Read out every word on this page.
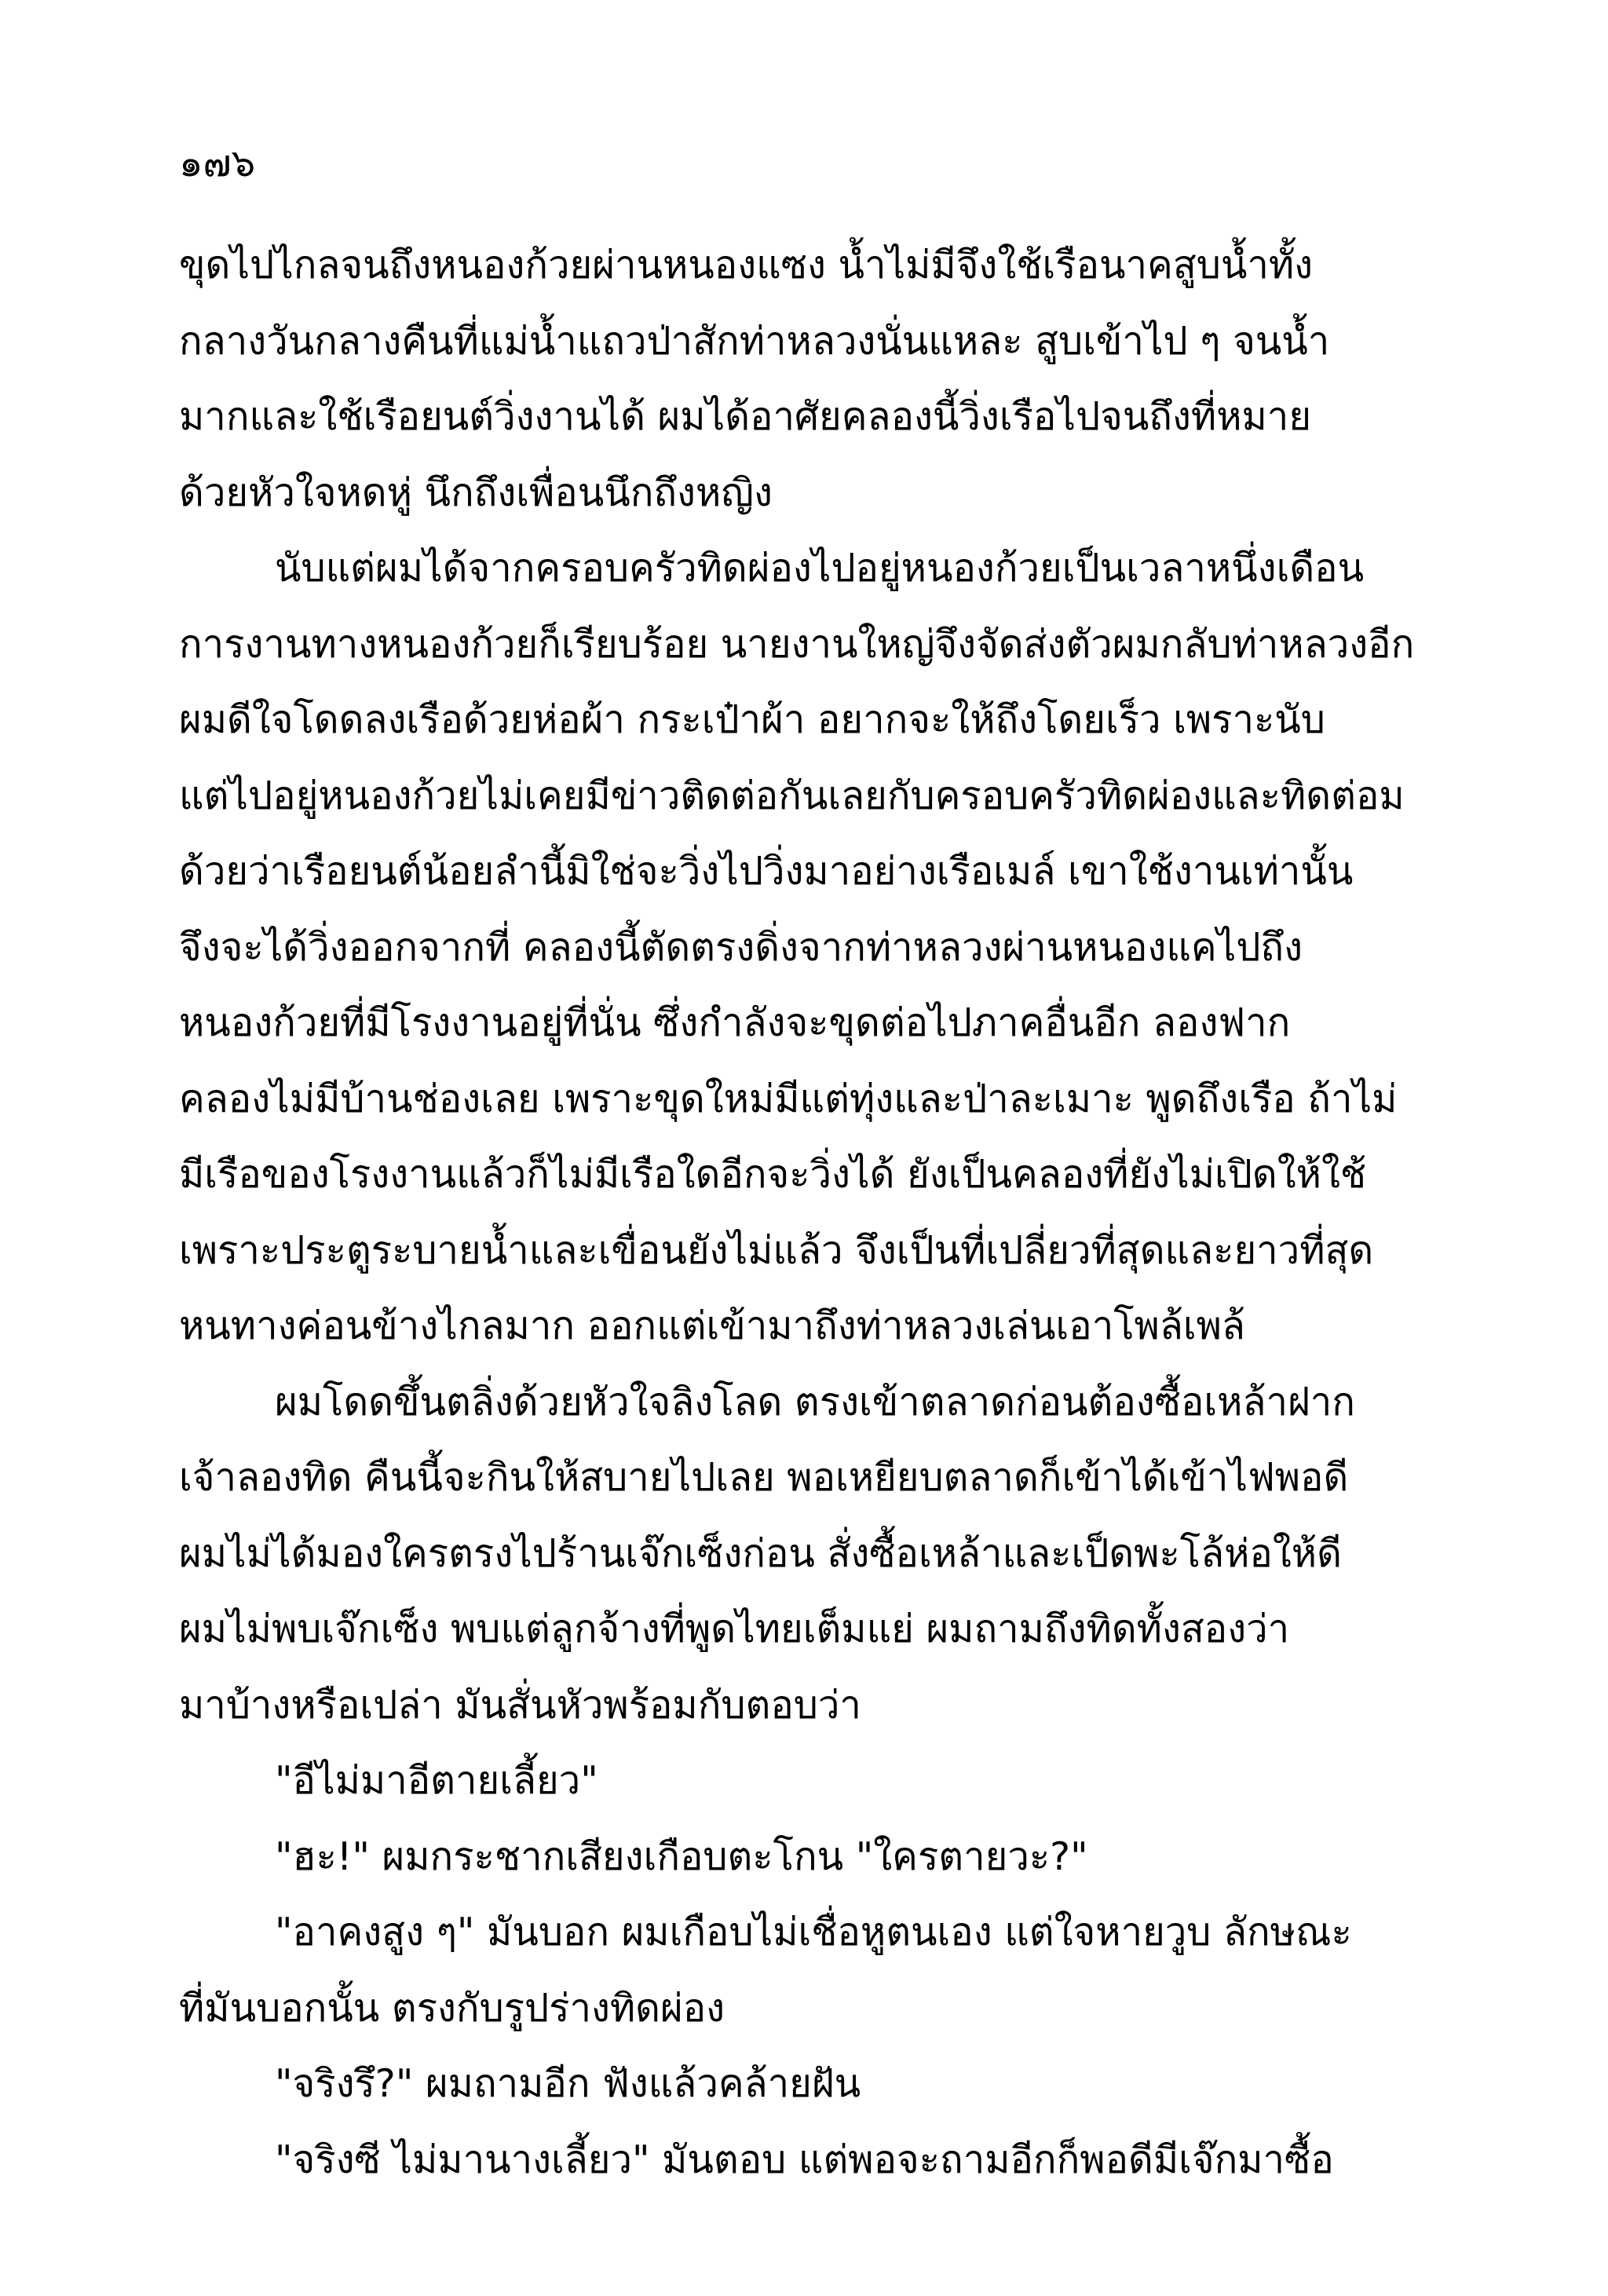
๑๗๖
ขุดไปไกลจนถึงหนองก้วยผ่านหนองแซง น้ำไม่มีจึงใช้เรือนาคสูบน้ำทั้ง
กลางวันกลางคืนที่แม่น้ำแถวป่าสักท่าหลวงนั่นแหละ สูบเข้าไป ๆ จนน้ำ
มากและใช้เรือยนต์วิ่งงานได้ ผมได้อาศัยคลองนี้วิ่งเรือไปจนถึงที่หมาย
ด้วยหัวใจหดหู่ นึกถึงเพื่อนนึกถึงหญิง
นับแต่ผมได้จากครอบครัวทิดผ่องไปอยู่หนองก้วยเป็นเวลาหนึ่งเดือน
การงานทางหนองก้วยก็เรียบร้อย นายงานใหญ่จึงจัดส่งตัวผมกลับท่าหลวงอีก
ผมดีใจโดดลงเรือด้วยห่อผ้า กระเป๋าผ้า อยากจะให้ถึงโดยเร็ว เพราะนับ
แต่ไปอยู่หนองก้วยไม่เคยมีข่าวติดต่อกันเลยกับครอบครัวทิดผ่องและทิดต่อม
ด้วยว่าเรือยนต์น้อยลำนี้มิใช่จะวิ่งไปวิ่งมาอย่างเรือเมล์ เขาใช้งานเท่านั้น
จึงจะได้วิ่งออกจากที่ คลองนี้ตัดตรงดิ่งจากท่าหลวงผ่านหนองแคไปถึง
หนองก้วยที่มีโรงงานอยู่ที่นั่น ซึ่งกำลังจะขุดต่อไปภาคอื่นอีก ลองฟาก
คลองไม่มีบ้านช่องเลย เพราะขุดใหม่มีแต่ทุ่งและป่าละเมาะ พูดถึงเรือ ถ้าไม่
มีเรือของโรงงานแล้วก็ไม่มีเรือใดอีกจะวิ่งได้ ยังเป็นคลองที่ยังไม่เปิดให้ใช้
เพราะประตูระบายน้ำและเขื่อนยังไม่แล้ว จึงเป็นที่เปลี่ยวที่สุดและยาวที่สุด
หนทางค่อนข้างไกลมาก ออกแต่เข้ามาถึงท่าหลวงเล่นเอาโพล้เพล้
ผมโดดขึ้นตลิ่งด้วยหัวใจลิงโลด ตรงเข้าตลาดก่อนต้องซื้อเหล้าฝาก
เจ้าลองทิด คืนนี้จะกินให้สบายไปเลย พอเหยียบตลาดก็เข้าได้เข้าไฟพอดี
ผมไม่ได้มองใครตรงไปร้านเจ๊กเซ็งก่อน สั่งซื้อเหล้าและเป็ดพะโล้ห่อให้ดี
ผมไม่พบเจ๊กเซ็ง พบแต่ลูกจ้างที่พูดไทยเต็มแย่ ผมถามถึงทิดทั้งสองว่า
มาบ้างหรือเปล่า มันสั่นหัวพร้อมกับตอบว่า
"อีไม่มาอีตายเลี้ยว"
"ฮะ!" ผมกระชากเสียงเกือบตะโกน "ใครตายวะ?"
"อาคงสูง ๆ" มันบอก ผมเกือบไม่เชื่อหูตนเอง แต่ใจหายวูบ ลักษณะ
ที่มันบอกนั้น ตรงกับรูปร่างทิดผ่อง
"จริงรึ?" ผมถามอีก ฟังแล้วคล้ายฝัน
"จริงซี ไม่มานางเลี้ยว" มันตอบ แต่พอจะถามอีกก็พอดีมีเจ๊กมาซื้อ
